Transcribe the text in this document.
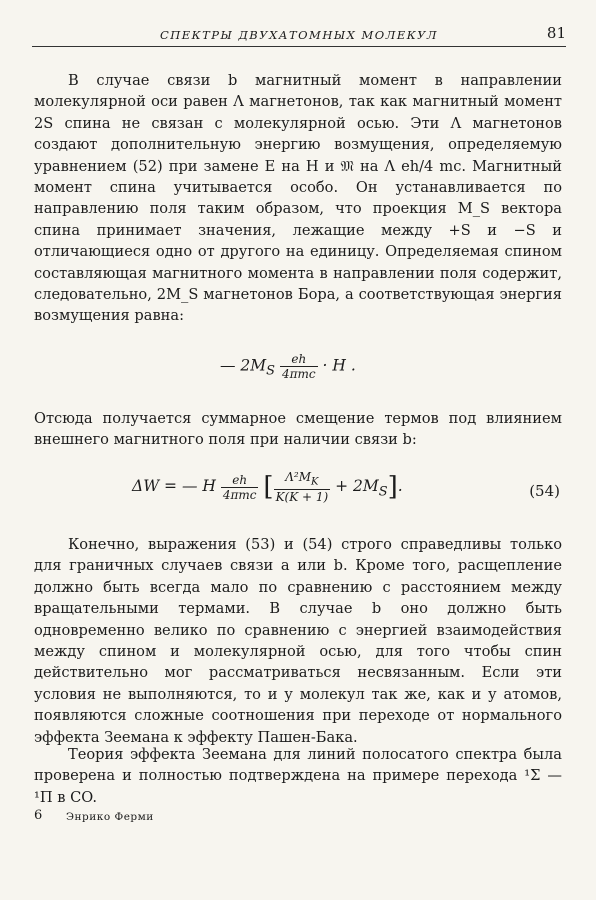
СПЕКТРЫ ДВУХАТОМНЫХ МОЛЕКУЛ	81

В случае связи b магнитный момент в направлении молекулярной оси равен Λ магнетонов, так как магнитный момент 2S спина не связан с молекулярной осью. Эти Λ магнетонов создают дополнительную энергию возмущения, определяемую уравнением (52) при замене E на H и 𝔐 на Λ eh/4 mc. Магнитный момент спина учитывается особо. Он устанавливается по направлению поля таким образом, что проекция M_S вектора спина принимает значения, лежащие между +S и −S и отличающиеся одно от другого на единицу. Определяемая спином составляющая магнитного момента в направлении поля содержит, следовательно, 2M_S магнетонов Бора, а соответствующая энергия возмущения равна:

— $2M_S \frac{eh}{\text{4πmc}} \cdot H$ .

Отсюда получается суммарное смещение термов под влиянием внешнего магнитного поля при наличии связи b:

ΔW = — H $\frac{eh}{\text{4πmc}}$ [ $\frac{\Lambda^2M_K}{K(K + 1)} + 2M_S$].	(54)

Конечно, выражения (53) и (54) строго справедливы только для граничных случаев связи a или b. Кроме того, расщепление должно быть всегда мало по сравнению с расстоянием между вращательными термами. В случае b оно должно быть одновременно велико по сравнению с энергией взаимодействия между спином и молекулярной осью, для того чтобы спин действительно мог рассматриваться несвязанным. Если эти условия не выполняются, то и у молекул так же, как и у атомов, появляются сложные соотношения при переходе от нормального эффекта Зеемана к эффекту Пашен-Бака.

Теория эффекта Зеемана для линий полосатого спектра была проверена и полностью подтверждена на примере перехода ¹Σ — ¹Π в CO.

6 Энрико Ферми
